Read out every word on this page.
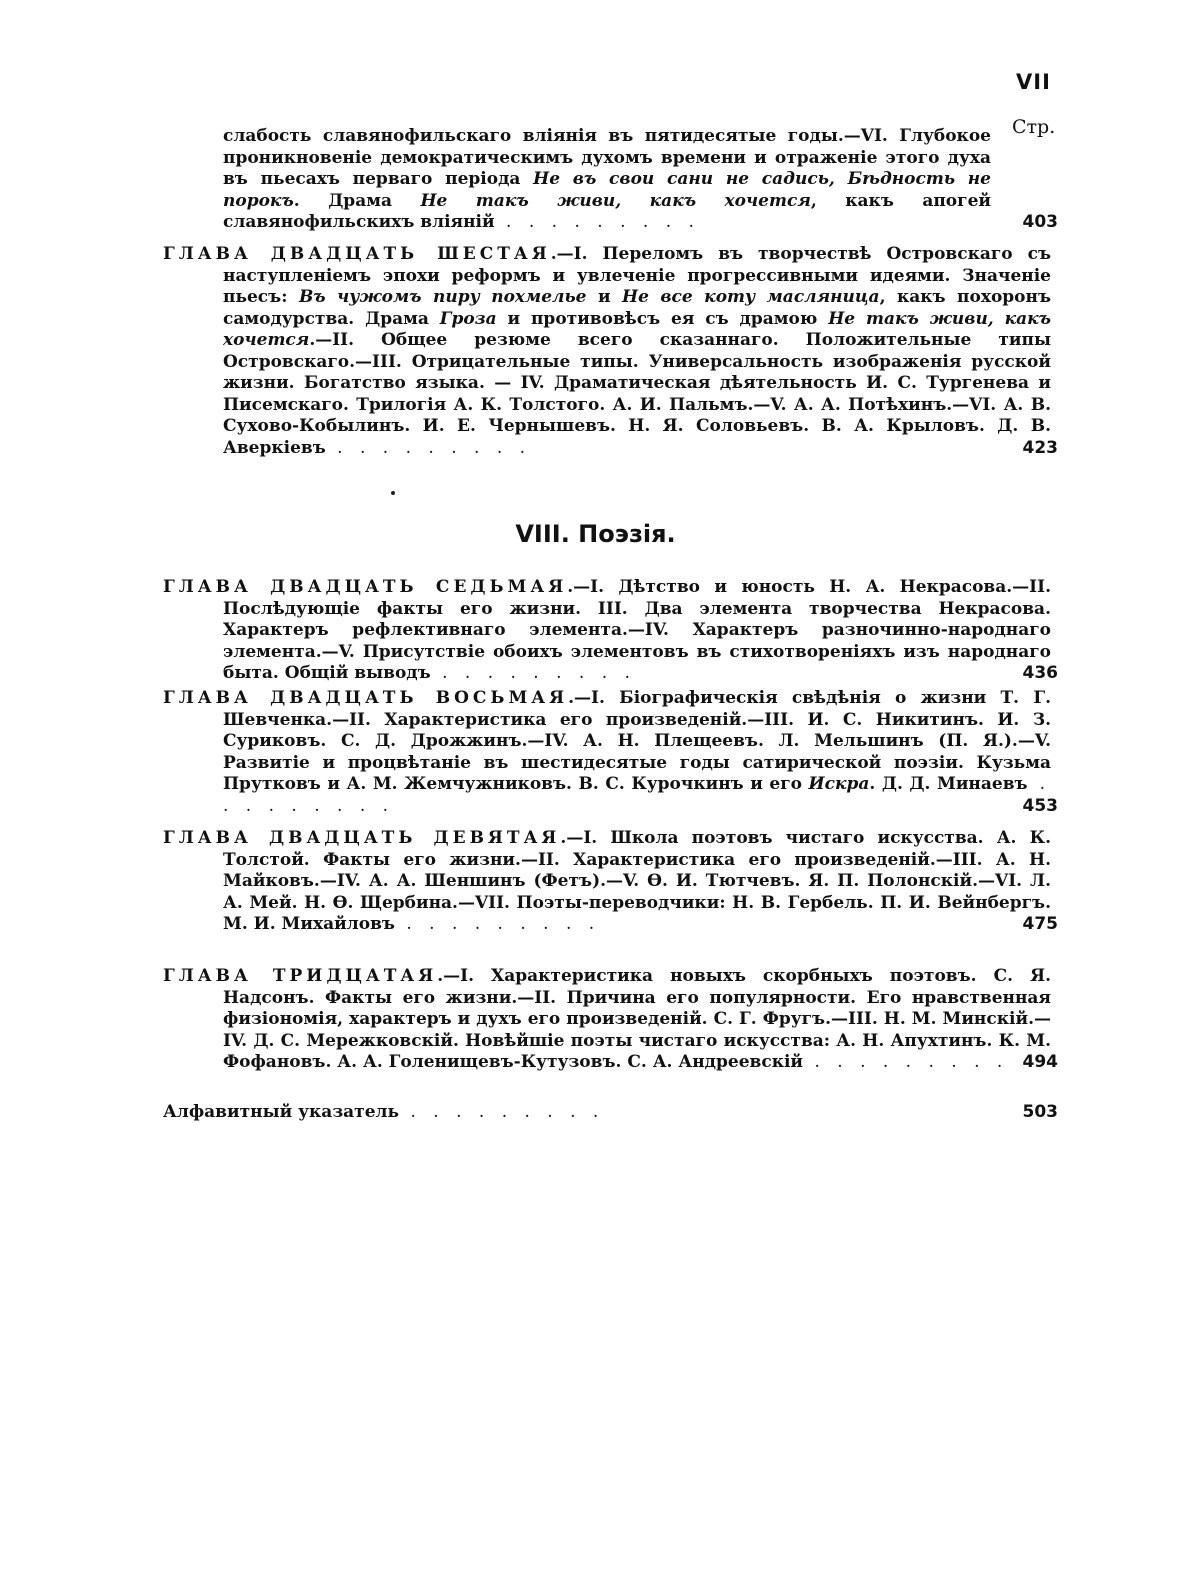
VII
Стр.
слабость славянофильскаго вліянія въ пятидесятые годы.—VI. Глубокое проникновеніе демократическимъ духомъ времени и отраженіе этого духа въ пьесахъ перваго періода Не въ свои сани не садись, Бѣдность не порокъ. Драма Не такъ живи, какъ хочется, какъ апогей славянофильскихъ вліяній . . . . . . . . .	403
ГЛАВА ДВАДЦАТЬ ШЕСТАЯ.—I. Переломъ въ творчествѣ Островскаго съ наступленіемъ эпохи реформъ и увлеченіе прогрессивными идеями. Значеніе пьесъ: Въ чужомъ пиру похмелье и Не все коту масляница, какъ похоронъ самодурства. Драма Гроза и противовѣсъ ея съ драмою Не такъ живи, какъ хочется.—II. Общее резюме всего сказаннаго. Положительные типы Островскаго.—III. Отрицательные типы. Универсальность изображенія русской жизни. Богатство языка. — IV. Драматическая дѣятельность И. С. Тургенева и Писемскаго. Трилогія А. К. Толстого. А. И. Пальмъ.—V. А. А. Потѣхинъ.—VI. А. В. Сухово-Кобылинъ. И. Е. Чернышевъ. Н. Я. Соловьевъ. В. А. Крыловъ. Д. В. Аверкіевъ . . . . . . . . .	423
ГЛАВА ДВАДЦАТЬ СЕДЬМАЯ.—I. Дѣтство и юность Н. А. Некрасова.—II. Послѣдующіе факты его жизни. III. Два элемента творчества Некрасова. Характеръ рефлективнаго элемента.—IV. Характеръ разночинно-народнаго элемента.—V. Присутствіе обоихъ элементовъ въ стихотвореніяхъ изъ народнаго быта. Общій выводъ . . . . . . . . .	436
ГЛАВА ДВАДЦАТЬ ВОСЬМАЯ.—I. Біографическія свѣдѣнія о жизни Т. Г. Шевченка.—II. Характеристика его произведеній.—III. И. С. Никитинъ. И. З. Суриковъ. С. Д. Дрожжинъ.—IV. А. Н. Плещеевъ. Л. Мельшинъ (П. Я.).—V. Развитіе и процвѣтаніе въ шестидесятые годы сатирической поэзіи. Кузьма Прутковъ и А. М. Жемчужниковъ. В. С. Курочкинъ и его Искра. Д. Д. Минаевъ . . . . . . . . .	453
ГЛАВА ДВАДЦАТЬ ДЕВЯТАЯ.—I. Школа поэтовъ чистаго искусства. А. К. Толстой. Факты его жизни.—II. Характеристика его произведеній.—III. А. Н. Майковъ.—IV. А. А. Шеншинъ (Фетъ).—V. Ѳ. И. Тютчевъ. Я. П. Полонскій.—VI. Л. А. Мей. Н. Ѳ. Щербина.—VII. Поэты-переводчики: Н. В. Гербель. П. И. Вейнбергъ. М. И. Михайловъ . . . . . . . . .	475
ГЛАВА ТРИДЦАТАЯ.—I. Характеристика новыхъ скорбныхъ поэтовъ. С. Я. Надсонъ. Факты его жизни.—II. Причина его популярности. Его нравственная физіономія, характеръ и духъ его произведеній. С. Г. Фругъ.—III. Н. М. Минскій.—IV. Д. С. Мережковскій. Новѣйшіе поэты чистаго искусства: А. Н. Апухтинъ. К. М. Фофановъ. А. А. Голенищевъ-Кутузовъ. С. А. Андреевскій . . . . . . . . . 494
Алфавитный указатель . . . . . . . . .	503
VIII. Поэзія.
